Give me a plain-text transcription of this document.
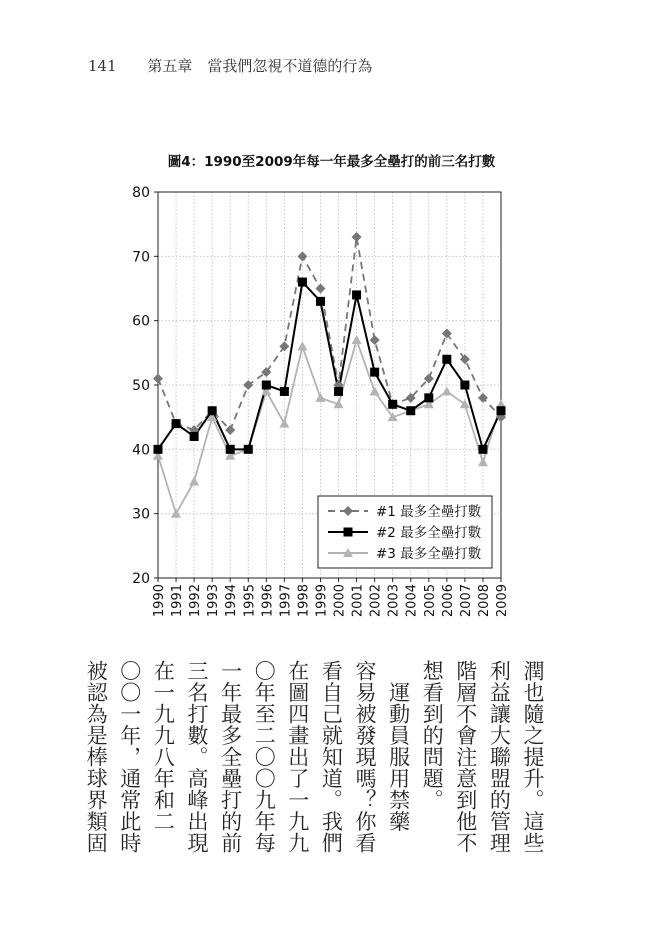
141 第五章　當我們忽視不道德的行為
圖4：1990至2009年每一年最多全壘打的前三名打數
20
30
40
50
60
70
80
1990 1991 1992 1993 1994 1995 1996 1997 1998 1999 2000 2001 2002 2003 2004 2005 2006 2007 2008 2009
#1 最多全壘打數
#2 最多全壘打數
#3 最多全壘打數
潤也隨之提升。這些
利益讓大聯盟的管理
階層不會注意到他不
想看到的問題。
　運動員服用禁藥
容易被發現嗎？你看
看自己就知道。我們
在圖四畫出了一九九
〇年至二〇〇九年每
一年最多全壘打的前
三名打數。高峰出現
在一九九八年和二
〇〇一年，通常此時
被認為是棒球界類固
